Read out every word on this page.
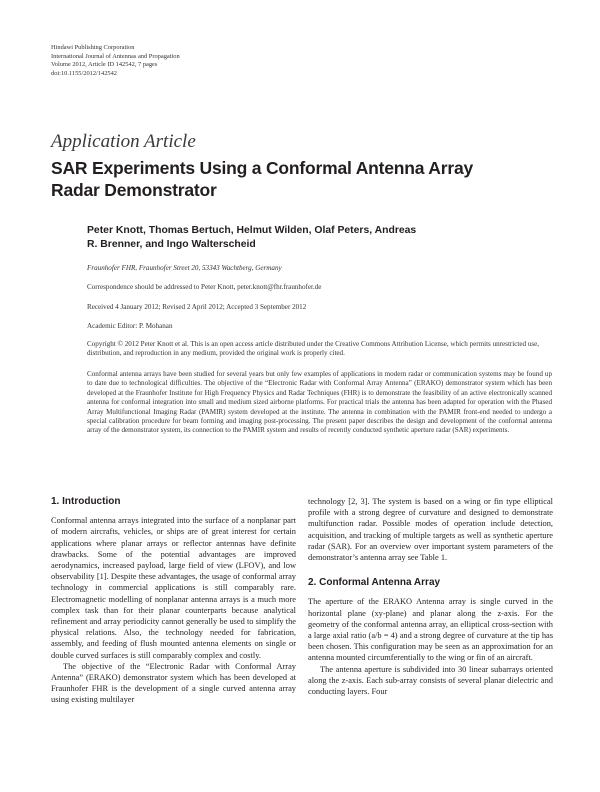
Hindawi Publishing Corporation
International Journal of Antennas and Propagation
Volume 2012, Article ID 142542, 7 pages
doi:10.1155/2012/142542
Application Article
SAR Experiments Using a Conformal Antenna Array Radar Demonstrator
Peter Knott, Thomas Bertuch, Helmut Wilden, Olaf Peters, Andreas R. Brenner, and Ingo Walterscheid
Fraunhofer FHR, Fraunhofer Street 20, 53343 Wachtberg, Germany
Correspondence should be addressed to Peter Knott, peter.knott@fhr.fraunhofer.de
Received 4 January 2012; Revised 2 April 2012; Accepted 3 September 2012
Academic Editor: P. Mohanan
Copyright © 2012 Peter Knott et al. This is an open access article distributed under the Creative Commons Attribution License, which permits unrestricted use, distribution, and reproduction in any medium, provided the original work is properly cited.
Conformal antenna arrays have been studied for several years but only few examples of applications in modern radar or communication systems may be found up to date due to technological difficulties. The objective of the “Electronic Radar with Conformal Array Antenna” (ERAKO) demonstrator system which has been developed at the Fraunhofer Institute for High Frequency Physics and Radar Techniques (FHR) is to demonstrate the feasibility of an active electronically scanned antenna for conformal integration into small and medium sized airborne platforms. For practical trials the antenna has been adapted for operation with the Phased Array Multifunctional Imaging Radar (PAMIR) system developed at the institute. The antenna in combination with the PAMIR front-end needed to undergo a special calibration procedure for beam forming and imaging post-processing. The present paper describes the design and development of the conformal antenna array of the demonstrator system, its connection to the PAMIR system and results of recently conducted synthetic aperture radar (SAR) experiments.
1. Introduction

Conformal antenna arrays integrated into the surface of a nonplanar part of modern aircrafts, vehicles, or ships are of great interest for certain applications where planar arrays or reflector antennas have definite drawbacks. Some of the potential advantages are improved aerodynamics, increased payload, large field of view (LFOV), and low observability [1]. Despite these advantages, the usage of conformal array technology in commercial applications is still comparably rare. Electromagnetic modelling of nonplanar antenna arrays is a much more complex task than for their planar counterparts because analytical refinement and array periodicity cannot generally be used to simplify the physical relations. Also, the technology needed for fabrication, assembly, and feeding of flush mounted antenna elements on single or double curved surfaces is still comparably complex and costly.

The objective of the “Electronic Radar with Conformal Array Antenna” (ERAKO) demonstrator system which has been developed at Fraunhofer FHR is the development of a single curved antenna array using existing multilayer

technology [2, 3]. The system is based on a wing or fin type elliptical profile with a strong degree of curvature and designed to demonstrate multifunction radar. Possible modes of operation include detection, acquisition, and tracking of multiple targets as well as synthetic aperture radar (SAR). For an overview over important system parameters of the demonstrator’s antenna array see Table 1.

2. Conformal Antenna Array

The aperture of the ERAKO Antenna array is single curved in the horizontal plane (xy-plane) and planar along the z-axis. For the geometry of the conformal antenna array, an elliptical cross-section with a large axial ratio (a/b = 4) and a strong degree of curvature at the tip has been chosen. This configuration may be seen as an approximation for an antenna mounted circumferentially to the wing or fin of an aircraft.

The antenna aperture is subdivided into 30 linear subarrays oriented along the z-axis. Each sub-array consists of several planar dielectric and conducting layers. Four
